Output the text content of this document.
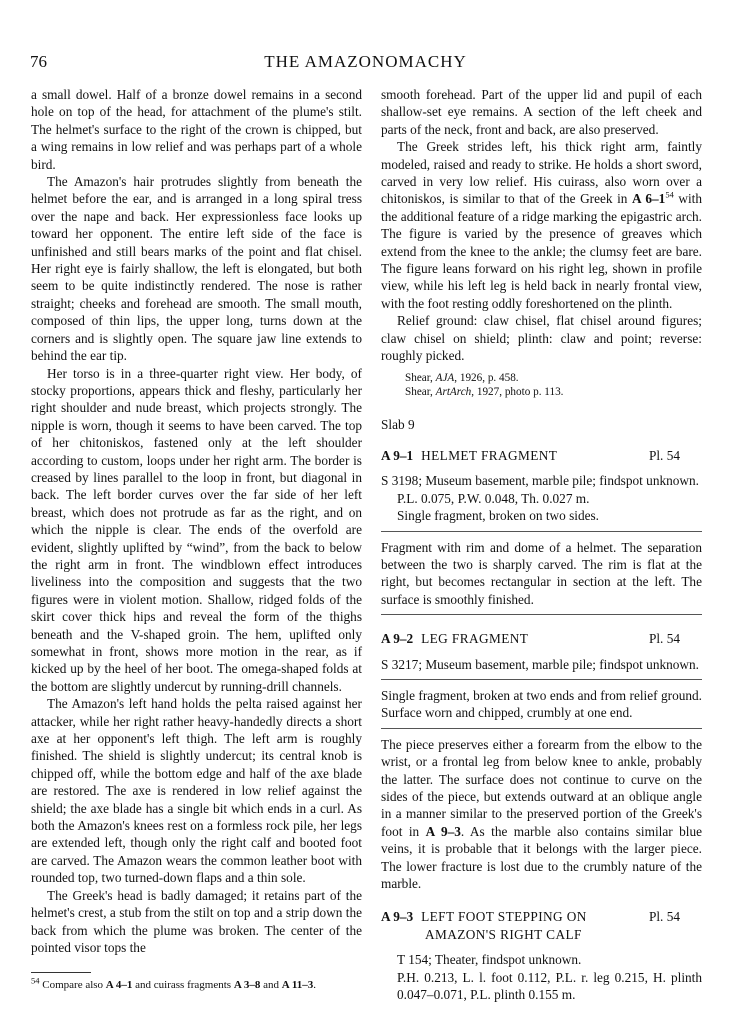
76	THE AMAZONOMACHY

a small dowel. Half of a bronze dowel remains in a second hole on top of the head, for attachment of the plume's stilt. The helmet's surface to the right of the crown is chipped, but a wing remains in low relief and was perhaps part of a whole bird.

The Amazon's hair protrudes slightly from beneath the helmet before the ear, and is arranged in a long spiral tress over the nape and back. Her expressionless face looks up toward her opponent. The entire left side of the face is unfinished and still bears marks of the point and flat chisel. Her right eye is fairly shallow, the left is elongated, but both seem to be quite indistinctly rendered. The nose is rather straight; cheeks and forehead are smooth. The small mouth, composed of thin lips, the upper long, turns down at the corners and is slightly open. The square jaw line extends to behind the ear tip.

Her torso is in a three-quarter right view. Her body, of stocky proportions, appears thick and fleshy, particularly her right shoulder and nude breast, which projects strongly. The nipple is worn, though it seems to have been carved. The top of her chitoniskos, fastened only at the left shoulder according to custom, loops under her right arm. The border is creased by lines parallel to the loop in front, but diagonal in back. The left border curves over the far side of her left breast, which does not protrude as far as the right, and on which the nipple is clear. The ends of the overfold are evident, slightly uplifted by “wind”, from the back to below the right arm in front. The windblown effect introduces liveliness into the composition and suggests that the two figures were in violent motion. Shallow, ridged folds of the skirt cover thick hips and reveal the form of the thighs beneath and the V-shaped groin. The hem, uplifted only somewhat in front, shows more motion in the rear, as if kicked up by the heel of her boot. The omega-shaped folds at the bottom are slightly undercut by running-drill channels.

The Amazon's left hand holds the pelta raised against her attacker, while her right rather heavy-handedly directs a short axe at her opponent's left thigh. The left arm is roughly finished. The shield is slightly undercut; its central knob is chipped off, while the bottom edge and half of the axe blade are restored. The axe is rendered in low relief against the shield; the axe blade has a single bit which ends in a curl. As both the Amazon's knees rest on a formless rock pile, her legs are extended left, though only the right calf and booted foot are carved. The Amazon wears the common leather boot with rounded top, two turned-down flaps and a thin sole.

The Greek's head is badly damaged; it retains part of the helmet's crest, a stub from the stilt on top and a strip down the back from which the plume was broken. The center of the pointed visor tops the

smooth forehead. Part of the upper lid and pupil of each shallow-set eye remains. A section of the left cheek and parts of the neck, front and back, are also preserved.

The Greek strides left, his thick right arm, faintly modeled, raised and ready to strike. He holds a short sword, carved in very low relief. His cuirass, also worn over a chitoniskos, is similar to that of the Greek in A $6-1^{54}$ with the additional feature of a ridge marking the epigastric arch. The figure is varied by the presence of greaves which extend from the knee to the ankle; the clumsy feet are bare. The figure leans forward on his right leg, shown in profile view, while his left leg is held back in nearly frontal view, with the foot resting oddly foreshortened on the plinth.

Relief ground: claw chisel, flat chisel around figures; claw chisel on shield; plinth: claw and point; reverse: roughly picked.

Shear, AJA, 1926, p. 458.

Shear, ArtArch, 1927, photo p. 113.

Slab 9
A 9–1 HELMET FRAGMENT	Pl. 54

S 3198; Museum basement, marble pile; findspot unknown.

P.L. 0.075, P.W. 0.048, Th. 0.027 m.

Single fragment, broken on two sides.

Fragment with rim and dome of a helmet. The separation between the two is sharply carved. The rim is flat at the right, but becomes rectangular in section at the left. The surface is smoothly finished.

A 9–2 LEG FRAGMENT	Pl. 54

S 3217; Museum basement, marble pile; findspot unknown.

Single fragment, broken at two ends and from relief ground. Surface worn and chipped, crumbly at one end.

The piece preserves either a forearm from the elbow to the wrist, or a frontal leg from below knee to ankle, probably the latter. The surface does not continue to curve on the sides of the piece, but extends outward at an oblique angle in a manner similar to the preserved portion of the Greek's foot in A 9–3. As the marble also contains similar blue veins, it is probable that it belongs with the larger piece. The lower fracture is lost due to the crumbly nature of the marble.

A 9–3 LEFT FOOT STEPPING ON	Pl. 54
AMAZON'S RIGHT CALF

T 154; Theater, findspot unknown.

P.H. 0.213, L. l. foot 0.112, P.L. r. leg 0.215, H. plinth 0.047–0.071, P.L. plinth 0.155 m.

$^{54}$ Compare also A 4–1 and cuirass fragments A 3–8 and A 11–3.
